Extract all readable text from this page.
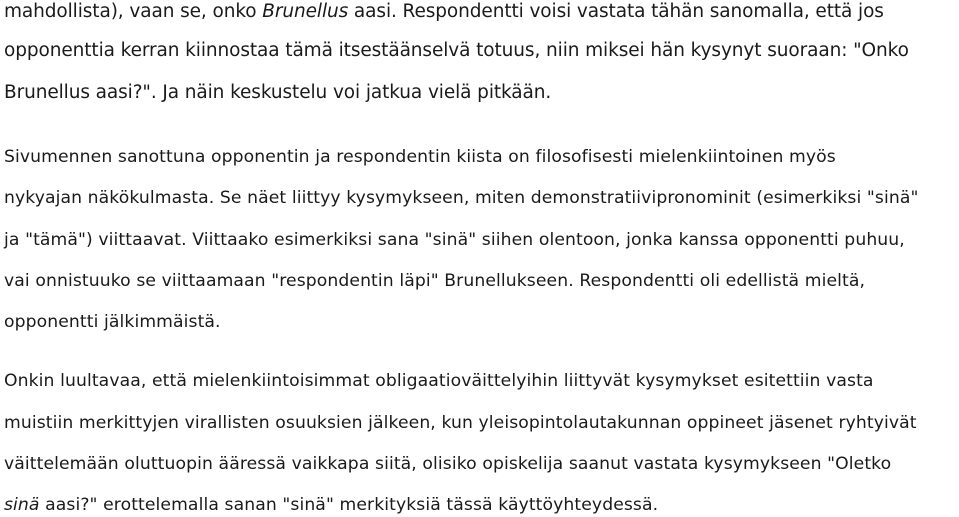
mahdollista), vaan se, onko Brunellus aasi. Respondentti voisi vastata tähän sanomalla, että jos
opponenttia kerran kiinnostaa tämä itsestäänselvä totuus, niin miksei hän kysynyt suoraan: "Onko
Brunellus aasi?". Ja näin keskustelu voi jatkua vielä pitkään.
Sivumennen sanottuna opponentin ja respondentin kiista on filosofisesti mielenkiintoinen myös
nykyajan näkökulmasta. Se näet liittyy kysymykseen, miten demonstratiivipronominit (esimerkiksi "sinä"
ja "tämä") viittaavat. Viittaako esimerkiksi sana "sinä" siihen olentoon, jonka kanssa opponentti puhuu,
vai onnistuuko se viittaamaan "respondentin läpi" Brunellukseen. Respondentti oli edellistä mieltä,
opponentti jälkimmäistä.
Onkin luultavaa, että mielenkiintoisimmat obligaatioväittelyihin liittyvät kysymykset esitettiin vasta
muistiin merkittyjen virallisten osuuksien jälkeen, kun yleisopintolautakunnan oppineet jäsenet ryhtyivät
väittelemään oluttuopin ääressä vaikkapa siitä, olisiko opiskelija saanut vastata kysymykseen "Oletko
sinä aasi?" erottelemalla sanan "sinä" merkityksiä tässä käyttöyhteydessä.
